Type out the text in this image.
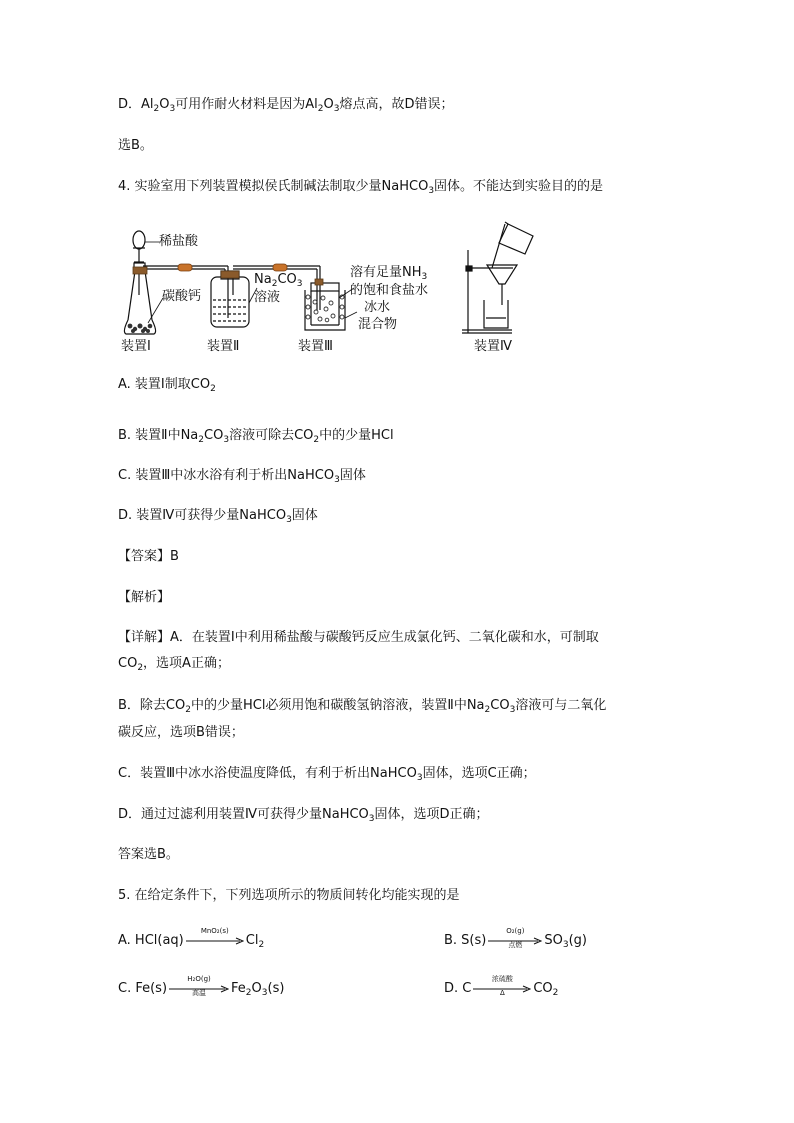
D．$Al_2O_3$可用作耐火材料是因为$Al_2O_3$熔点高，故D错误；
选B。
4. 实验室用下列装置模拟侯氏制碱法制取少量NaHCO$_3$固体。不能达到实验目的的是
稀盐酸
碳酸钙
$Na_2CO_3$
溶液
溶有足量$NH_3$
的饱和食盐水
冰水
混合物
装置Ⅰ	装置Ⅱ	装置Ⅲ	装置Ⅳ
A. 装置Ⅰ制取$CO_2$
B. 装置Ⅱ中$Na_2CO_3$溶液可除去$CO_2$中的少量HCl
C. 装置Ⅲ中冰水浴有利于析出NaHCO$_3$固体
D. 装置Ⅳ可获得少量NaHCO$_3$固体
【答案】B
【解析】
【详解】A．在装置Ⅰ中利用稀盐酸与碳酸钙反应生成氯化钙、二氧化碳和水，可制取
$CO_2$，选项A正确；
B．除去$CO_2$中的少量HCl必须用饱和碳酸氢钠溶液，装置Ⅱ中$Na_2CO_3$溶液可与二氧化
碳反应，选项B错误；
C．装置Ⅲ中冰水浴使温度降低，有利于析出NaHCO$_3$固体，选项C正确；
D．通过过滤利用装置Ⅳ可获得少量NaHCO$_3$固体，选项D正确；
答案选B。
5. 在给定条件下，下列选项所示的物质间转化均能实现的是
A. HCl(aq)
MnO₂(s)
$Cl_2$	B. S(s)
O₂(g)
点燃	$SO_3(g)$
C. Fe(s)
H₂O(g)
高温	$Fe_2O_3(s)$	D. C
浓硫酸
Δ	$CO_2$
